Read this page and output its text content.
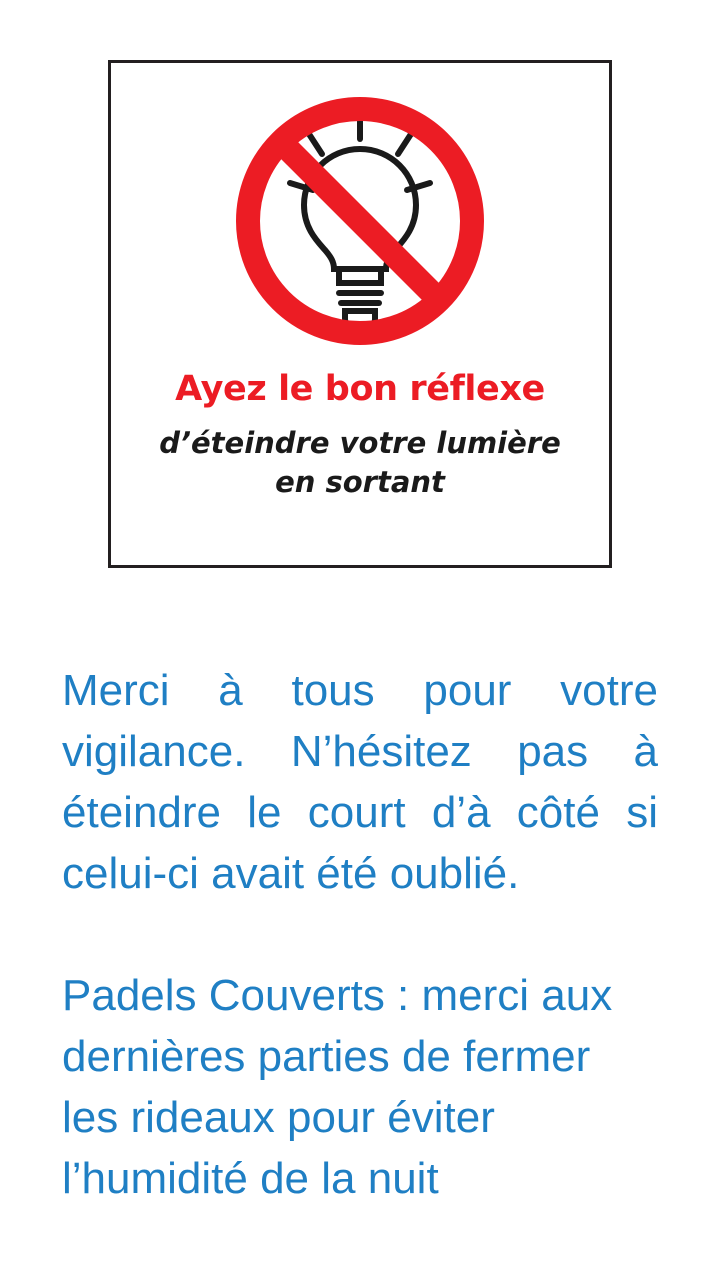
Ayez le bon réflexe
d’éteindre votre lumière en sortant

Merci à tous pour votre vigilance. N’hésitez pas à éteindre le court d’à côté si celui-ci avait été oublié.

Padels Couverts : merci aux dernières parties de fermer les rideaux pour éviter l’humidité de la nuit
